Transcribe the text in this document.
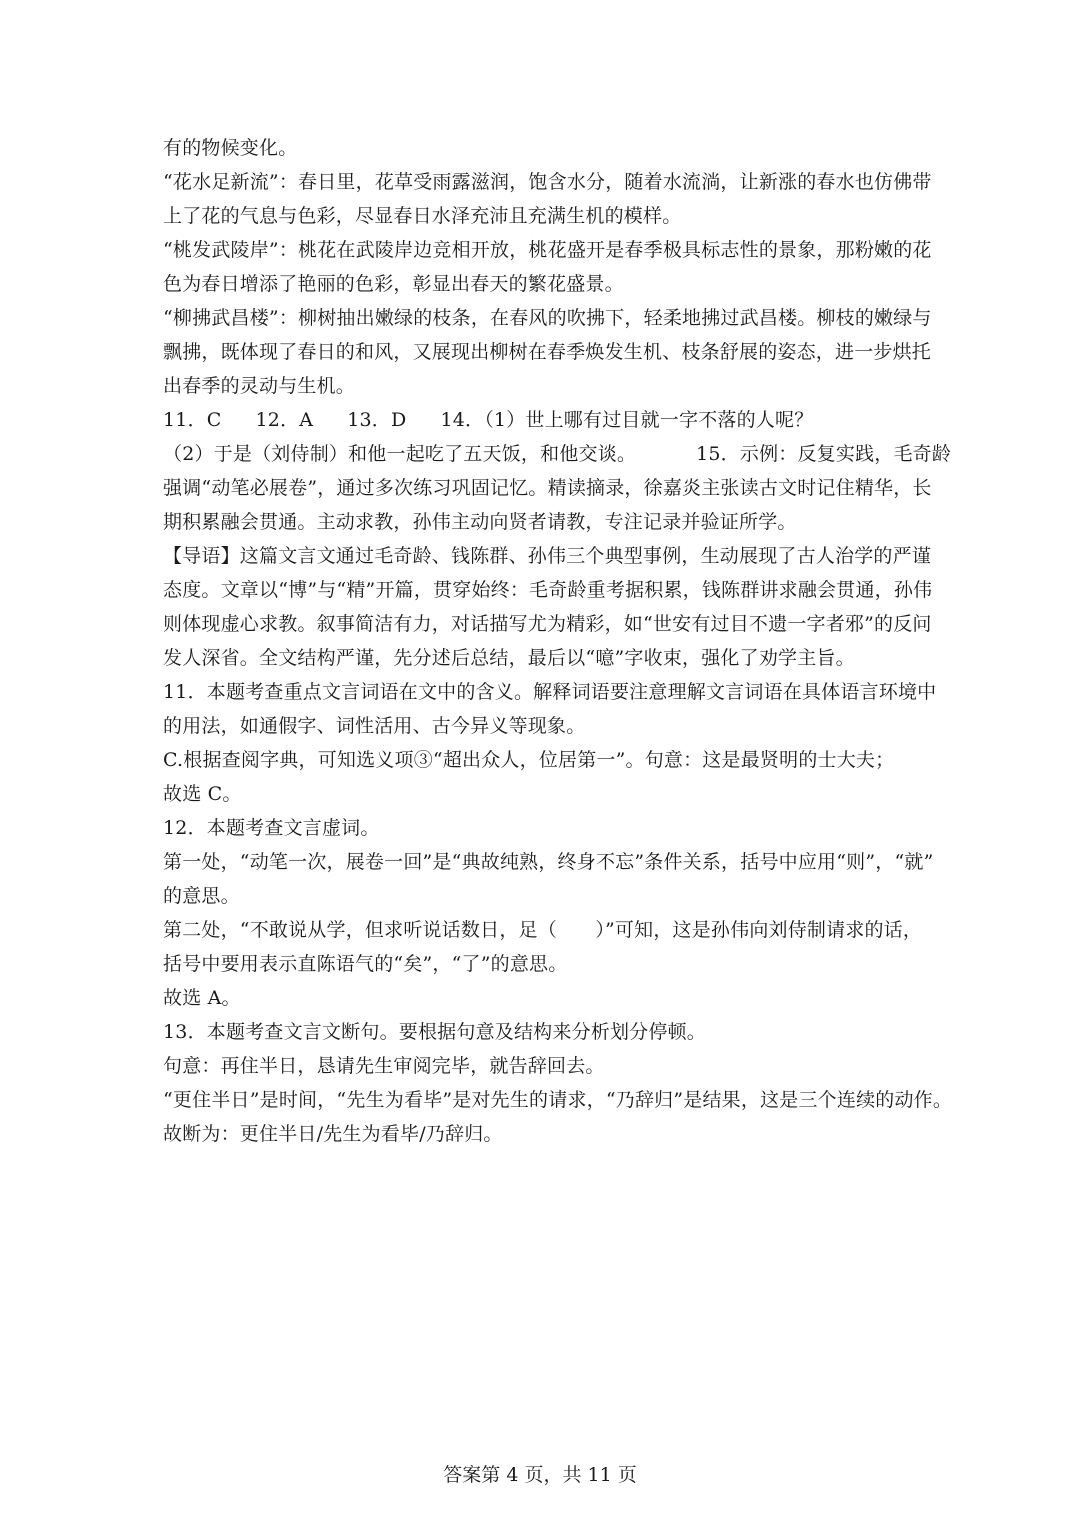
有的物候变化。
“花水足新流”：春日里，花草受雨露滋润，饱含水分，随着水流淌，让新涨的春水也仿佛带
上了花的气息与色彩，尽显春日水泽充沛且充满生机的模样。
“桃发武陵岸”：桃花在武陵岸边竞相开放，桃花盛开是春季极具标志性的景象，那粉嫩的花
色为春日增添了艳丽的色彩，彰显出春天的繁花盛景。
“柳拂武昌楼”：柳树抽出嫩绿的枝条，在春风的吹拂下，轻柔地拂过武昌楼。柳枝的嫩绿与
飘拂，既体现了春日的和风，又展现出柳树在春季焕发生机、枝条舒展的姿态，进一步烘托
出春季的灵动与生机。
11．C 12．A 13．D 14．（1）世上哪有过目就一字不落的人呢？
（2）于是（刘侍制）和他一起吃了五天饭，和他交谈。	15．示例：反复实践，毛奇龄
强调“动笔必展卷”，通过多次练习巩固记忆。精读摘录，徐嘉炎主张读古文时记住精华，长
期积累融会贯通。主动求教，孙伟主动向贤者请教，专注记录并验证所学。
【导语】这篇文言文通过毛奇龄、钱陈群、孙伟三个典型事例，生动展现了古人治学的严谨
态度。文章以“博”与“精”开篇，贯穿始终：毛奇龄重考据积累，钱陈群讲求融会贯通，孙伟
则体现虚心求教。叙事简洁有力，对话描写尤为精彩，如“世安有过目不遗一字者邪”的反问
发人深省。全文结构严谨，先分述后总结，最后以“噫”字收束，强化了劝学主旨。
11．本题考查重点文言词语在文中的含义。解释词语要注意理解文言词语在具体语言环境中
的用法，如通假字、词性活用、古今异义等现象。
C.根据查阅字典，可知选义项③“超出众人，位居第一”。句意：这是最贤明的士大夫；
故选 C。
12．本题考查文言虚词。
第一处，“动笔一次，展卷一回”是“典故纯熟，终身不忘”条件关系，括号中应用“则”，“就”
的意思。
第二处，“不敢说从学，但求听说话数日，足（　　）”可知，这是孙伟向刘侍制请求的话，
括号中要用表示直陈语气的“矣”，“了”的意思。
故选 A。
13．本题考查文言文断句。要根据句意及结构来分析划分停顿。
句意：再住半日，恳请先生审阅完毕，就告辞回去。
“更住半日”是时间，“先生为看毕”是对先生的请求，“乃辞归”是结果，这是三个连续的动作。
故断为：更住半日/先生为看毕/乃辞归。
答案第 4 页，共 11 页
